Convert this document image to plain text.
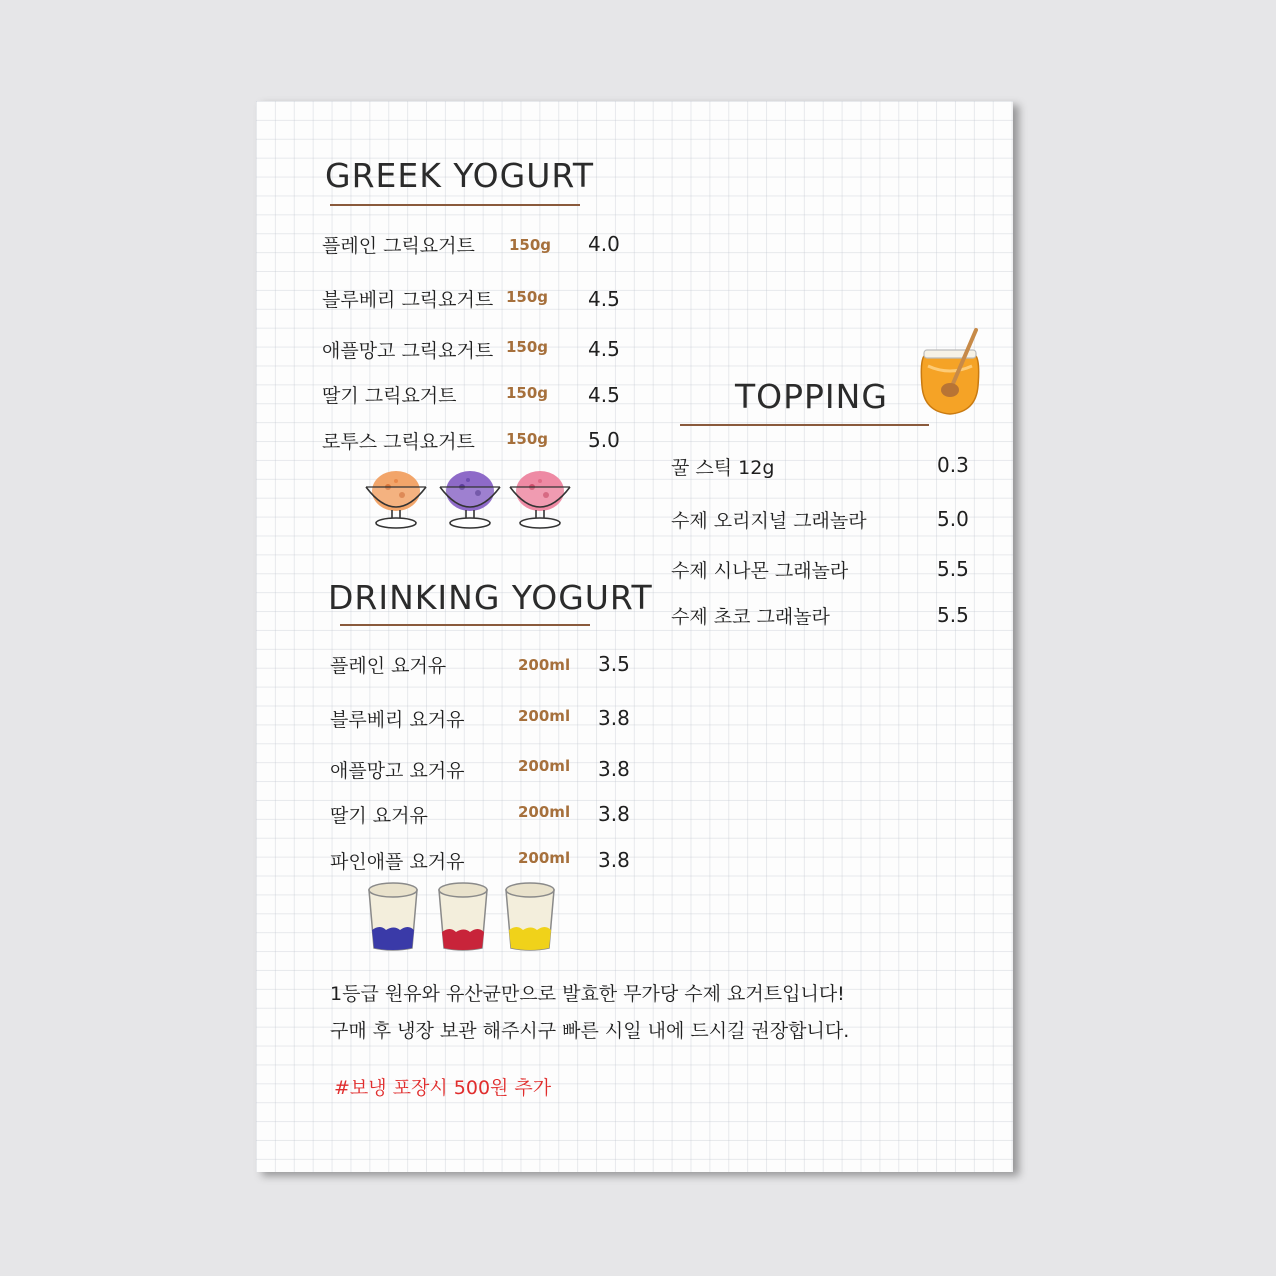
GREEK YOGURT
플레인 그릭요거트 150g 4.0
블루베리 그릭요거트 150g 4.5
애플망고 그릭요거트 150g 4.5
딸기 그릭요거트	150g 4.5
로투스 그릭요거트 150g 5.0
DRINKING YOGURT
플레인 요거유	200ml 3.5
블루베리 요거유	200ml 3.8
애플망고 요거유	200ml 3.8
딸기 요거유	200ml 3.8
파인애플 요거유	200ml 3.8
TOPPING
꿀 스틱 12g	0.3
수제 오리지널 그래놀라	5.0
수제 시나몬 그래놀라	5.5
수제 초코 그래놀라	5.5
1등급 원유와 유산균만으로 발효한 무가당 수제 요거트입니다!
구매 후 냉장 보관 해주시구 빠른 시일 내에 드시길 권장합니다.
#보냉 포장시 500원 추가
